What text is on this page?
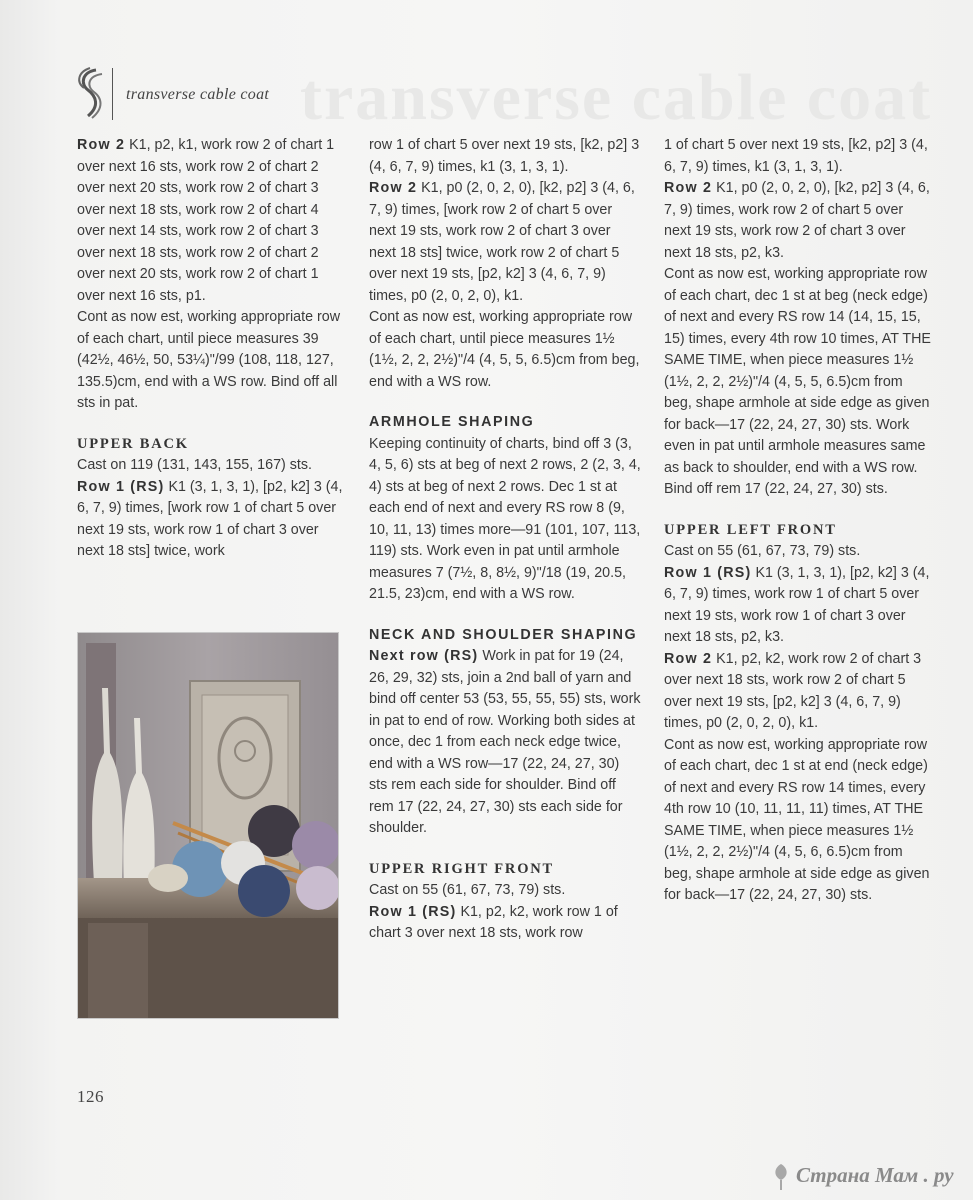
transverse cable coat
transverse cable coat

Row 2 K1, p2, k1, work row 2 of chart 1 over next 16 sts, work row 2 of chart 2 over next 20 sts, work row 2 of chart 3 over next 18 sts, work row 2 of chart 4 over next 14 sts, work row 2 of chart 3 over next 18 sts, work row 2 of chart 2 over next 20 sts, work row 2 of chart 1 over next 16 sts, p1.

Cont as now est, working appropriate row of each chart, until piece measures 39 (42½, 46½, 50, 53¼)"/99 (108, 118, 127, 135.5)cm, end with a WS row. Bind off all sts in pat.

UPPER BACK

Cast on 119 (131, 143, 155, 167) sts.

Row 1 (RS) K1 (3, 1, 3, 1), [p2, k2] 3 (4, 6, 7, 9) times, [work row 1 of chart 5 over next 19 sts, work row 1 of chart 3 over next 18 sts] twice, work

row 1 of chart 5 over next 19 sts, [k2, p2] 3 (4, 6, 7, 9) times, k1 (3, 1, 3, 1).

Row 2 K1, p0 (2, 0, 2, 0), [k2, p2] 3 (4, 6, 7, 9) times, [work row 2 of chart 5 over next 19 sts, work row 2 of chart 3 over next 18 sts] twice, work row 2 of chart 5 over next 19 sts, [p2, k2] 3 (4, 6, 7, 9) times, p0 (2, 0, 2, 0), k1.

Cont as now est, working appropriate row of each chart, until piece measures 1½ (1½, 2, 2, 2½)"/4 (4, 5, 5, 6.5)cm from beg, end with a WS row.

ARMHOLE SHAPING

Keeping continuity of charts, bind off 3 (3, 4, 5, 6) sts at beg of next 2 rows, 2 (2, 3, 4, 4) sts at beg of next 2 rows. Dec 1 st at each end of next and every RS row 8 (9, 10, 11, 13) times more—91 (101, 107, 113, 119) sts. Work even in pat until armhole measures 7 (7½, 8, 8½, 9)"/18 (19, 20.5, 21.5, 23)cm, end with a WS row.

NECK AND SHOULDER SHAPING

Next row (RS) Work in pat for 19 (24, 26, 29, 32) sts, join a 2nd ball of yarn and bind off center 53 (53, 55, 55, 55) sts, work in pat to end of row. Working both sides at once, dec 1 from each neck edge twice, end with a WS row—17 (22, 24, 27, 30) sts rem each side for shoulder. Bind off rem 17 (22, 24, 27, 30) sts each side for shoulder.

UPPER RIGHT FRONT

Cast on 55 (61, 67, 73, 79) sts.

Row 1 (RS) K1, p2, k2, work row 1 of chart 3 over next 18 sts, work row

1 of chart 5 over next 19 sts, [k2, p2] 3 (4, 6, 7, 9) times, k1 (3, 1, 3, 1).

Row 2 K1, p0 (2, 0, 2, 0), [k2, p2] 3 (4, 6, 7, 9) times, work row 2 of chart 5 over next 19 sts, work row 2 of chart 3 over next 18 sts, p2, k3.

Cont as now est, working appropriate row of each chart, dec 1 st at beg (neck edge) of next and every RS row 14 (14, 15, 15, 15) times, every 4th row 10 times, AT THE SAME TIME, when piece measures 1½ (1½, 2, 2, 2½)"/4 (4, 5, 5, 6.5)cm from beg, shape armhole at side edge as given for back—17 (22, 24, 27, 30) sts. Work even in pat until armhole measures same as back to shoulder, end with a WS row. Bind off rem 17 (22, 24, 27, 30) sts.

UPPER LEFT FRONT

Cast on 55 (61, 67, 73, 79) sts.

Row 1 (RS) K1 (3, 1, 3, 1), [p2, k2] 3 (4, 6, 7, 9) times, work row 1 of chart 5 over next 19 sts, work row 1 of chart 3 over next 18 sts, p2, k3.

Row 2 K1, p2, k2, work row 2 of chart 3 over next 18 sts, work row 2 of chart 5 over next 19 sts, [p2, k2] 3 (4, 6, 7, 9) times, p0 (2, 0, 2, 0), k1.

Cont as now est, working appropriate row of each chart, dec 1 st at end (neck edge) of next and every RS row 14 times, every 4th row 10 (10, 11, 11, 11) times, AT THE SAME TIME, when piece measures 1½ (1½, 2, 2, 2½)"/4 (4, 5, 6, 6.5)cm from beg, shape armhole at side edge as given for back—17 (22, 24, 27, 30) sts.

126
Страна Мам . ру
